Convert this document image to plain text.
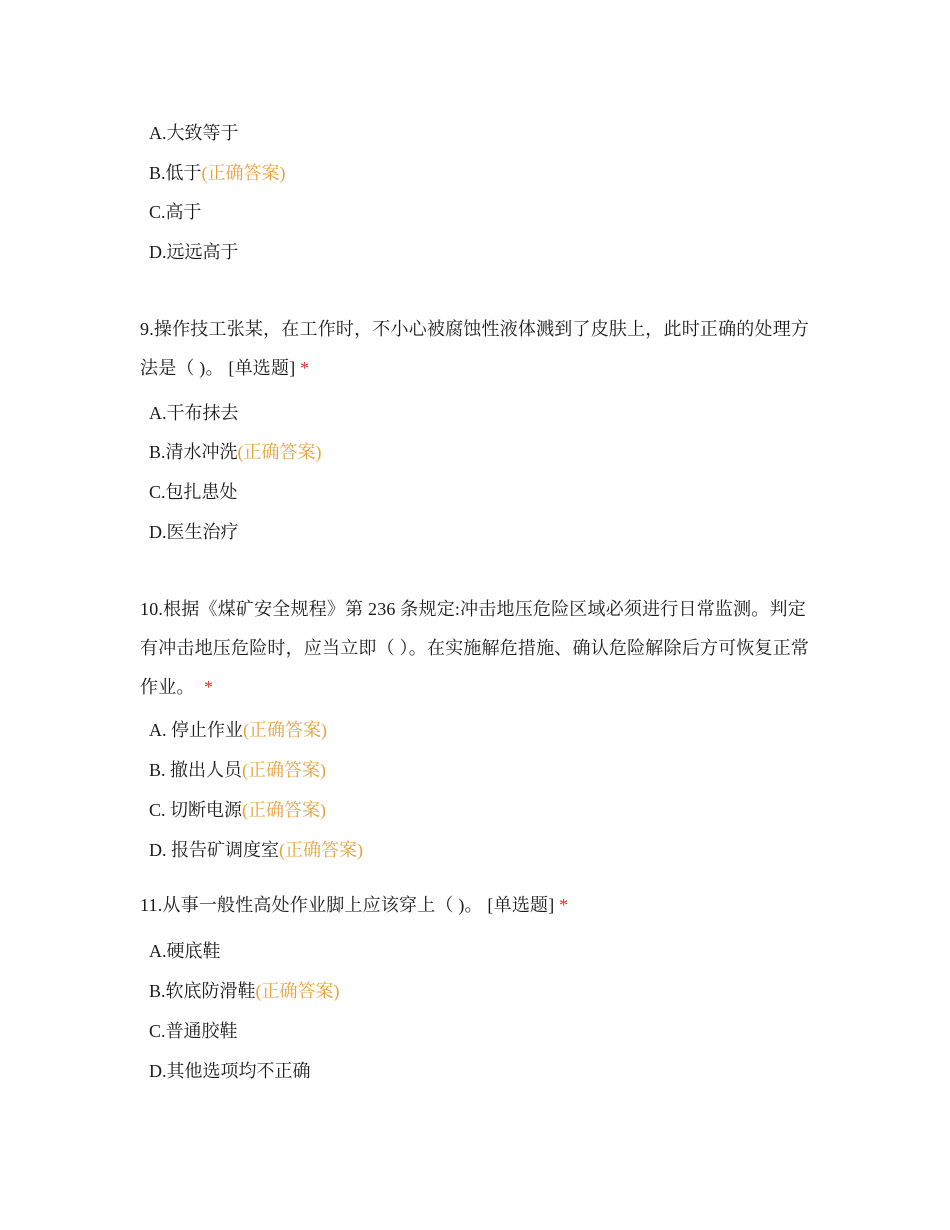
A.大致等于
B.低于(正确答案)
C.高于
D.远远高于
9.操作技工张某，在工作时，不小心被腐蚀性液体溅到了皮肤上，此时正确的处理方法是（ )。 [单选题] *
A.干布抹去
B.清水冲洗(正确答案)
C.包扎患处
D.医生治疗
10.根据《煤矿安全规程》第 236 条规定:冲击地压危险区域必须进行日常监测。判定有冲击地压危险时，应当立即（ ）。在实施解危措施、确认危险解除后方可恢复正常作业。  *
A. 停止作业(正确答案)
B. 撤出人员(正确答案)
C. 切断电源(正确答案)
D. 报告矿调度室(正确答案)
11.从事一般性高处作业脚上应该穿上（ )。 [单选题] *
A.硬底鞋
B.软底防滑鞋(正确答案)
C.普通胶鞋
D.其他选项均不正确
